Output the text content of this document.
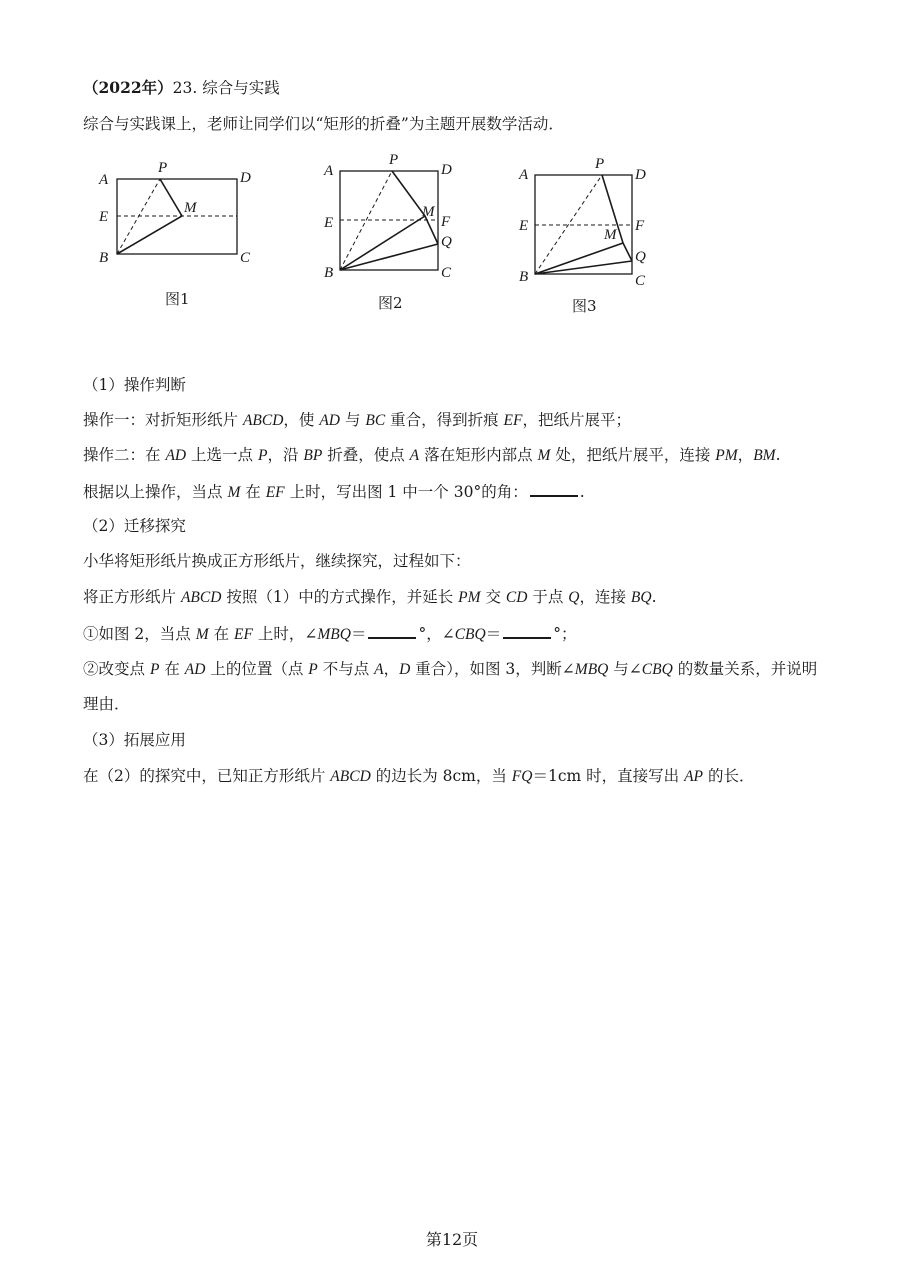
（2022年）23. 综合与实践
综合与实践课上，老师让同学们以“矩形的折叠”为主题开展数学活动．
A
P
D
E
M
B	C
图1
A
P
D
E
M
F
Q
B	C
图2
A
P
D
E	F
M
Q
B	C
图3
（1）操作判断
操作一：对折矩形纸片 ABCD，使 AD 与 BC 重合，得到折痕 EF，把纸片展平；
操作二：在 AD 上选一点 P，沿 BP 折叠，使点 A 落在矩形内部点 M 处，把纸片展平，连接 PM，BM.
根据以上操作，当点 M 在 EF 上时，写出图 1 中一个 30°的角：	.
（2）迁移探究
小华将矩形纸片换成正方形纸片，继续探究，过程如下：
将正方形纸片 ABCD 按照（1）中的方式操作，并延长 PM 交 CD 于点 Q，连接 BQ.
①如图 2，当点 M 在 EF 上时，∠MBQ＝	°，∠CBQ＝	°；
②改变点 P 在 AD 上的位置（点 P 不与点 A，D 重合），如图 3，判断∠MBQ 与∠CBQ 的数量关系，并说明
理由．
（3）拓展应用
在（2）的探究中，已知正方形纸片 ABCD 的边长为 8cm，当 FQ＝1cm 时，直接写出 AP 的长．
第12页
